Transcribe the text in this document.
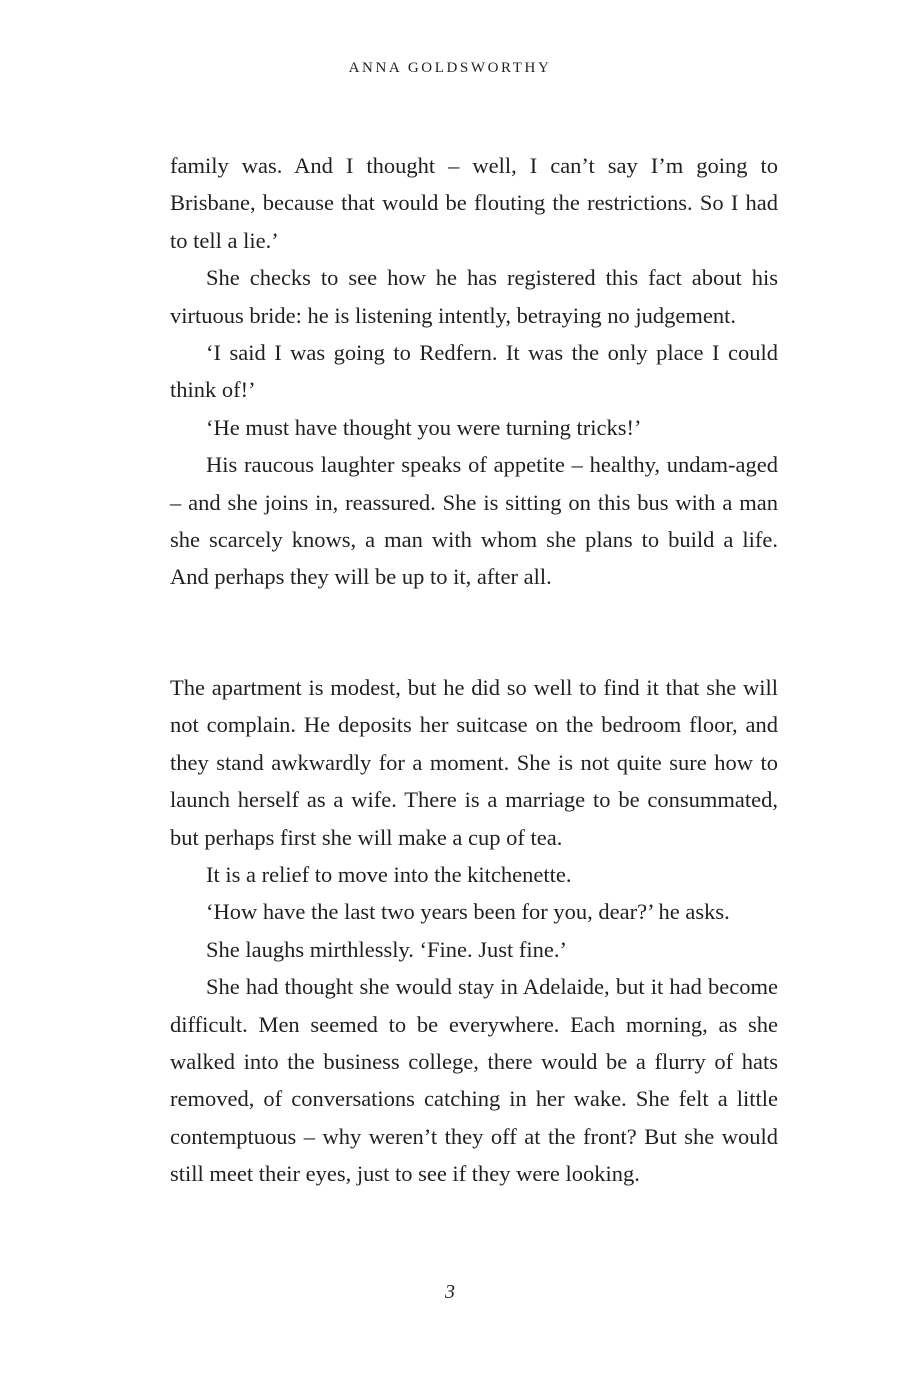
ANNA GOLDSWORTHY

family was. And I thought – well, I can’t say I’m going to Brisbane, because that would be flouting the restrictions. So I had to tell a lie.’

She checks to see how he has registered this fact about his virtuous bride: he is listening intently, betraying no judgement.

‘I said I was going to Redfern. It was the only place I could think of!’

‘He must have thought you were turning tricks!’

His raucous laughter speaks of appetite – healthy, undam-aged – and she joins in, reassured. She is sitting on this bus with a man she scarcely knows, a man with whom she plans to build a life. And perhaps they will be up to it, after all.

The apartment is modest, but he did so well to find it that she will not complain. He deposits her suitcase on the bedroom floor, and they stand awkwardly for a moment. She is not quite sure how to launch herself as a wife. There is a marriage to be consummated, but perhaps first she will make a cup of tea.

It is a relief to move into the kitchenette.

‘How have the last two years been for you, dear?’ he asks.

She laughs mirthlessly. ‘Fine. Just fine.’

She had thought she would stay in Adelaide, but it had become difficult. Men seemed to be everywhere. Each morning, as she walked into the business college, there would be a flurry of hats removed, of conversations catching in her wake. She felt a little contemptuous – why weren’t they off at the front? But she would still meet their eyes, just to see if they were looking.

3
